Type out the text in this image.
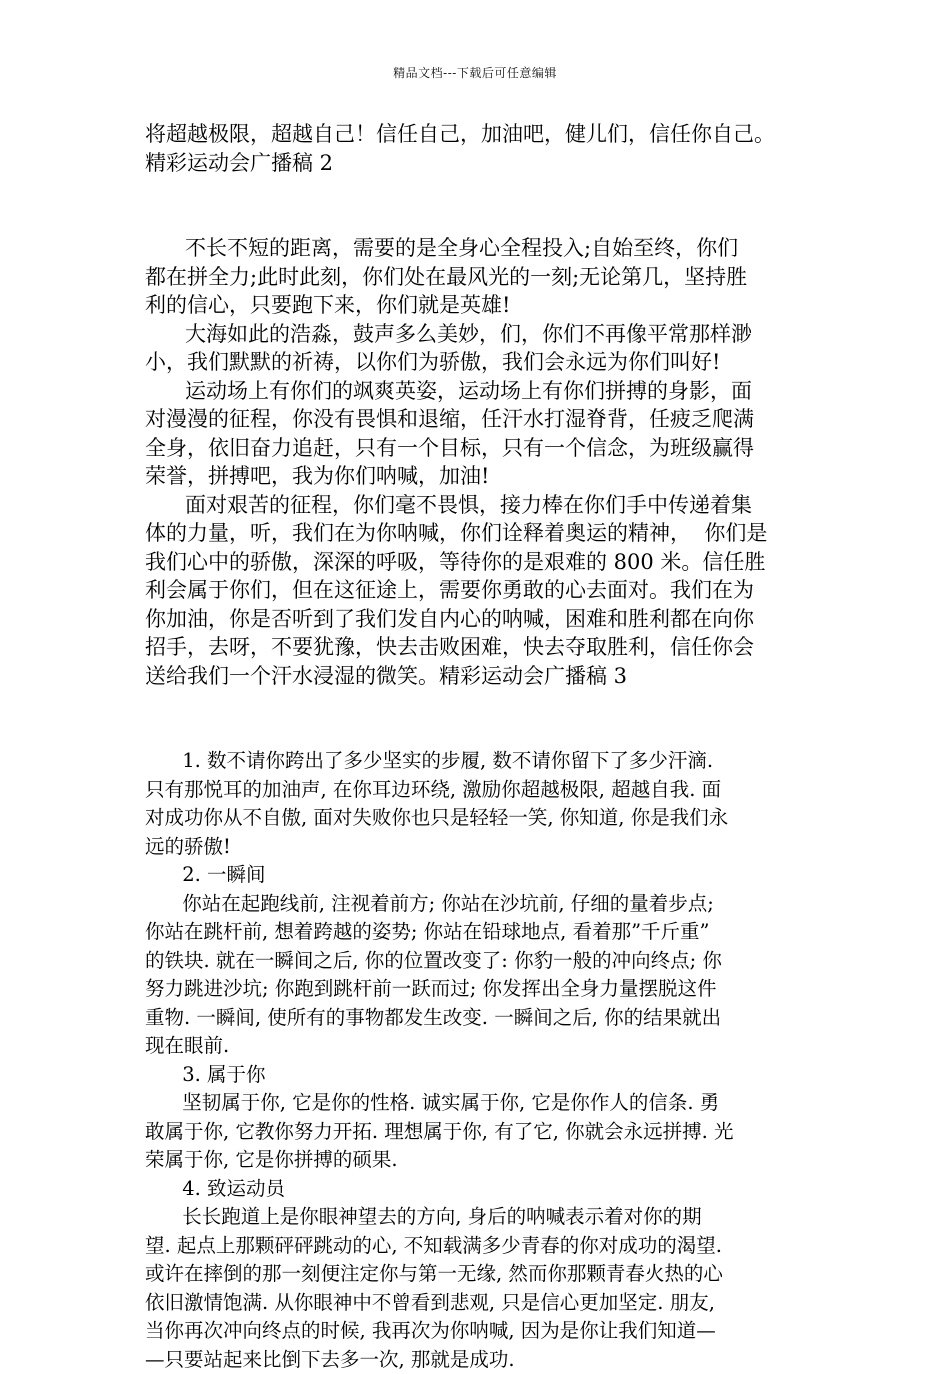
精品文档---下载后可任意编辑
将超越极限，超越自己！信任自己，加油吧，健儿们，信任你自己。
精彩运动会广播稿 2
不长不短的距离，需要的是全身心全程投入;自始至终，你们
都在拼全力;此时此刻，你们处在最风光的一刻;无论第几，坚持胜
利的信心，只要跑下来，你们就是英雄!
大海如此的浩淼，鼓声多么美妙，们，你们不再像平常那样渺
小，我们默默的祈祷，以你们为骄傲，我们会永远为你们叫好!
运动场上有你们的飒爽英姿，运动场上有你们拼搏的身影，面
对漫漫的征程，你没有畏惧和退缩，任汗水打湿脊背，任疲乏爬满
全身，依旧奋力追赶，只有一个目标，只有一个信念，为班级赢得
荣誉，拼搏吧，我为你们呐喊，加油!
面对艰苦的征程，你们毫不畏惧，接力棒在你们手中传递着集
体的力量，听，我们在为你呐喊，你们诠释着奥运的精神，  你们是
我们心中的骄傲，深深的呼吸，等待你的是艰难的 800 米。信任胜
利会属于你们，但在这征途上，需要你勇敢的心去面对。我们在为
你加油，你是否听到了我们发自内心的呐喊，困难和胜利都在向你
招手，去呀，不要犹豫，快去击败困难，快去夺取胜利，信任你会
送给我们一个汗水浸湿的微笑。精彩运动会广播稿 3
1. 数不请你跨出了多少坚实的步履, 数不请你留下了多少汗滴.
只有那悦耳的加油声, 在你耳边环绕, 激励你超越极限, 超越自我. 面
对成功你从不自傲, 面对失败你也只是轻轻一笑, 你知道, 你是我们永
远的骄傲!
2. 一瞬间
你站在起跑线前, 注视着前方; 你站在沙坑前, 仔细的量着步点;
你站在跳杆前, 想着跨越的姿势; 你站在铅球地点, 看着那”千斤重”
的铁块. 就在一瞬间之后, 你的位置改变了: 你豹一般的冲向终点; 你
努力跳进沙坑; 你跑到跳杆前一跃而过; 你发挥出全身力量摆脱这件
重物. 一瞬间, 使所有的事物都发生改变. 一瞬间之后, 你的结果就出
现在眼前.
3. 属于你
坚韧属于你, 它是你的性格. 诚实属于你, 它是你作人的信条. 勇
敢属于你, 它教你努力开拓. 理想属于你, 有了它, 你就会永远拼搏. 光
荣属于你, 它是你拼搏的硕果.
4. 致运动员
长长跑道上是你眼神望去的方向, 身后的呐喊表示着对你的期
望. 起点上那颗砰砰跳动的心, 不知载满多少青春的你对成功的渴望.
或许在摔倒的那一刻便注定你与第一无缘, 然而你那颗青春火热的心
依旧激情饱满. 从你眼神中不曾看到悲观, 只是信心更加坚定. 朋友,
当你再次冲向终点的时候, 我再次为你呐喊, 因为是你让我们知道—
—只要站起来比倒下去多一次, 那就是成功.
